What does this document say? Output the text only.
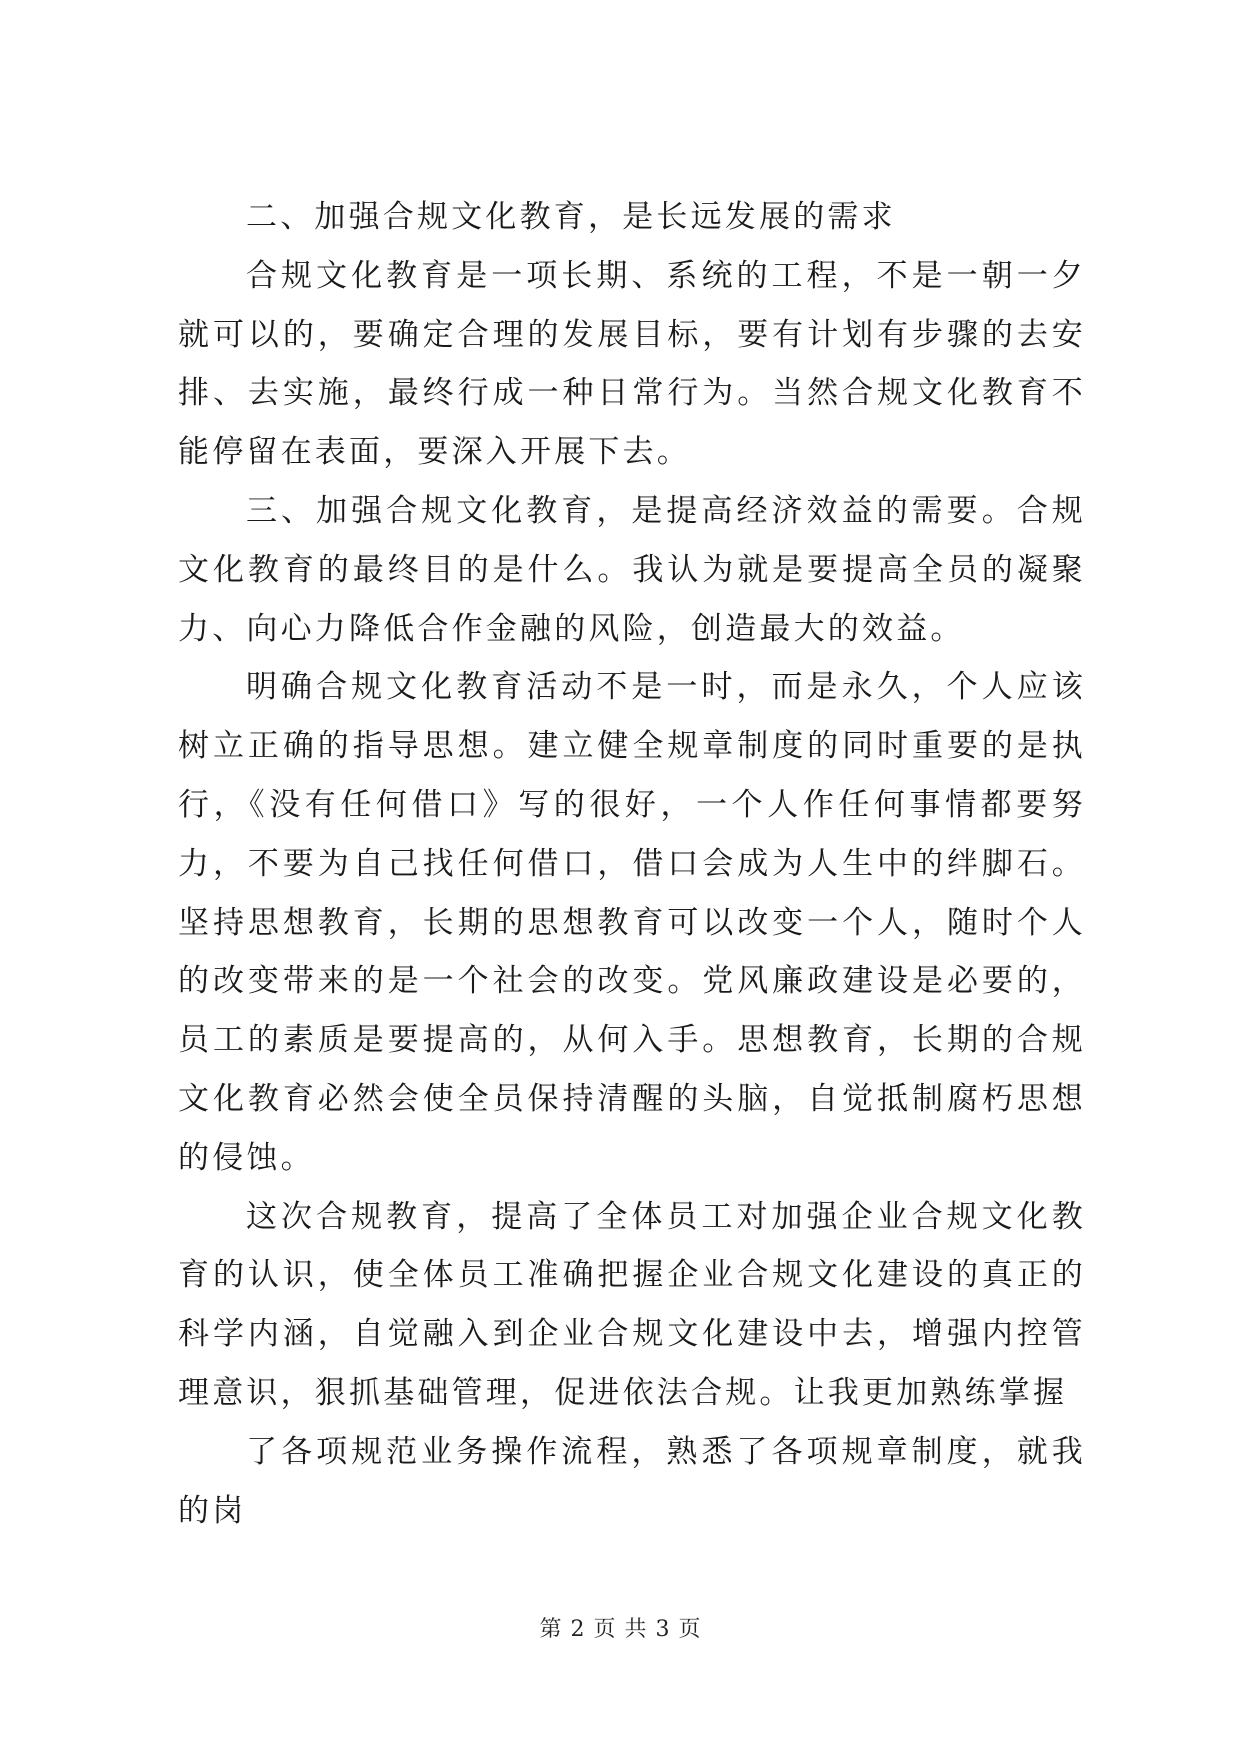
二、加强合规文化教育，是长远发展的需求

合规文化教育是一项长期、系统的工程，不是一朝一夕就可以的，要确定合理的发展目标，要有计划有步骤的去安排、去实施，最终行成一种日常行为。当然合规文化教育不能停留在表面，要深入开展下去。

三、加强合规文化教育，是提高经济效益的需要。合规文化教育的最终目的是什么。我认为就是要提高全员的凝聚力、向心力降低合作金融的风险，创造最大的效益。

明确合规文化教育活动不是一时，而是永久，个人应该树立正确的指导思想。建立健全规章制度的同时重要的是执行，《没有任何借口》写的很好，一个人作任何事情都要努力，不要为自己找任何借口，借口会成为人生中的绊脚石。坚持思想教育，长期的思想教育可以改变一个人，随时个人的改变带来的是一个社会的改变。党风廉政建设是必要的，员工的素质是要提高的，从何入手。思想教育，长期的合规文化教育必然会使全员保持清醒的头脑，自觉抵制腐朽思想的侵蚀。

这次合规教育，提高了全体员工对加强企业合规文化教育的认识，使全体员工准确把握企业合规文化建设的真正的科学内涵，自觉融入到企业合规文化建设中去，增强内控管理意识，狠抓基础管理，促进依法合规。让我更加熟练掌握

了各项规范业务操作流程，熟悉了各项规章制度，就我的岗

第 2 页 共 3 页
